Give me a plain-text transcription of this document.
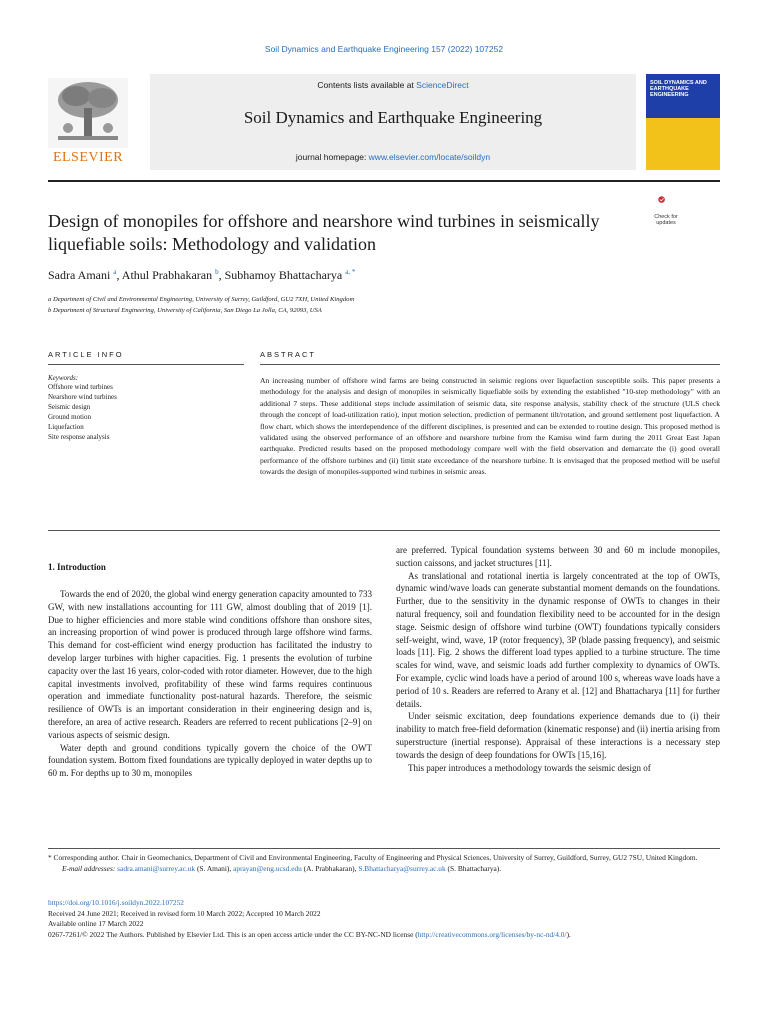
Soil Dynamics and Earthquake Engineering 157 (2022) 107252
ELSEVIER
Contents lists available at ScienceDirect
Soil Dynamics and Earthquake Engineering
journal homepage: www.elsevier.com/locate/soildyn
SOIL DYNAMICS AND EARTHQUAKE ENGINEERING
Design of monopiles for offshore and nearshore wind turbines in seismically
liquefiable soils: Methodology and validation
Check for updates
Sadra Amani $^a$, Athul Prabhakaran $^b$, Subhamoy Bhattacharya $^{a, *}$
a Department of Civil and Environmental Engineering, University of Surrey, Guildford, GU2 7XH, United Kingdom
b Department of Structural Engineering, University of California, San Diego La Jolla, CA, 92093, USA
ARTICLE INFO	ABSTRACT
Keywords:
Offshore wind turbines
Nearshore wind turbines
Seismic design
Ground motion
Liquefaction
Site response analysis
An increasing number of offshore wind farms are being constructed in seismic regions over liquefaction susceptible soils. This paper presents a methodology for the analysis and design of monopiles in seismically liquefiable soils by extending the established "10-step methodology" with an additional 7 steps. These additional steps include assimilation of seismic data, site response analysis, stability check of the structure (ULS check through the concept of load-utilization ratio), input motion selection, prediction of permanent tilt/rotation, and ground settlement post liquefaction. A flow chart, which shows the interdependence of the different disciplines, is presented and can be extended to routine design. This proposed method is validated using the observed performance of an offshore and nearshore turbine from the Kamisu wind farm during the 2011 Great East Japan earthquake. Predicted results based on the proposed methodology compare well with the field observation and demarcate the (i) good overall performance of the offshore turbines and (ii) limit state exceedance of the nearshore turbine. It is envisaged that the proposed method will be useful towards the design of monopiles-supported wind turbines in seismic areas.
1. Introduction

Towards the end of 2020, the global wind energy generation capacity amounted to 733 GW, with new installations accounting for 111 GW, almost doubling that of 2019 [1]. Due to higher efficiencies and more stable wind conditions offshore than onshore sites, an increasing proportion of wind power is produced through large offshore wind farms. This demand for cost-efficient wind energy production has facilitated the industry to develop larger turbines with higher capacities. Fig. 1 presents the evolution of turbine capacity over the last 16 years, color-coded with rotor diameter. However, due to the high capital investments involved, profitability of these wind farms requires continuous operation and immediate functionality post-natural hazards. Therefore, the seismic resilience of OWTs is an important consideration in their engineering design and is, therefore, an area of active research. Readers are referred to recent publications [2–9] on various aspects of seismic design.

Water depth and ground conditions typically govern the choice of the OWT foundation system. Bottom fixed foundations are typically deployed in water depths up to 60 m. For depths up to 30 m, monopiles

are preferred. Typical foundation systems between 30 and 60 m include monopiles, suction caissons, and jacket structures [11].

As translational and rotational inertia is largely concentrated at the top of OWTs, dynamic wind/wave loads can generate substantial moment demands on the foundations. Further, due to the sensitivity in the dynamic response of OWTs to changes in their natural frequency, soil and foundation flexibility need to be accounted for in the design stage. Seismic design of offshore wind turbine (OWT) foundations typically considers self-weight, wind, wave, 1P (rotor frequency), 3P (blade passing frequency), and seismic loads [11]. Fig. 2 shows the different load types applied to a turbine structure. The time scales for wind, wave, and seismic loads add further complexity to dynamics of OWTs. For example, cyclic wind loads have a period of around 100 s, whereas wave loads have a period of 10 s. Readers are referred to Arany et al. [12] and Bhattacharya [11] for further details.

Under seismic excitation, deep foundations experience demands due to (i) their inability to match free-field deformation (kinematic response) and (ii) inertia arising from superstructure (inertial response). Appraisal of these interactions is a necessary step towards the design of deep foundations for OWTs [15,16].

This paper introduces a methodology towards the seismic design of

* Corresponding author. Chair in Geomechanics, Department of Civil and Environmental Engineering, Faculty of Engineering and Physical Sciences, University of Surrey, Guildford, Surrey, GU2 7SU, United Kingdom.

E-mail addresses: sadra.amani@surrey.ac.uk (S. Amani), aprayan@eng.ucsd.edu (A. Prabhakaran), S.Bhattacharya@surrey.ac.uk (S. Bhattacharya).

https://doi.org/10.1016/j.soildyn.2022.107252

Received 24 June 2021; Received in revised form 10 March 2022; Accepted 10 March 2022

Available online 17 March 2022

0267-7261/© 2022 The Authors. Published by Elsevier Ltd. This is an open access article under the CC BY-NC-ND license (http://creativecommons.org/licenses/by-nc-nd/4.0/).
